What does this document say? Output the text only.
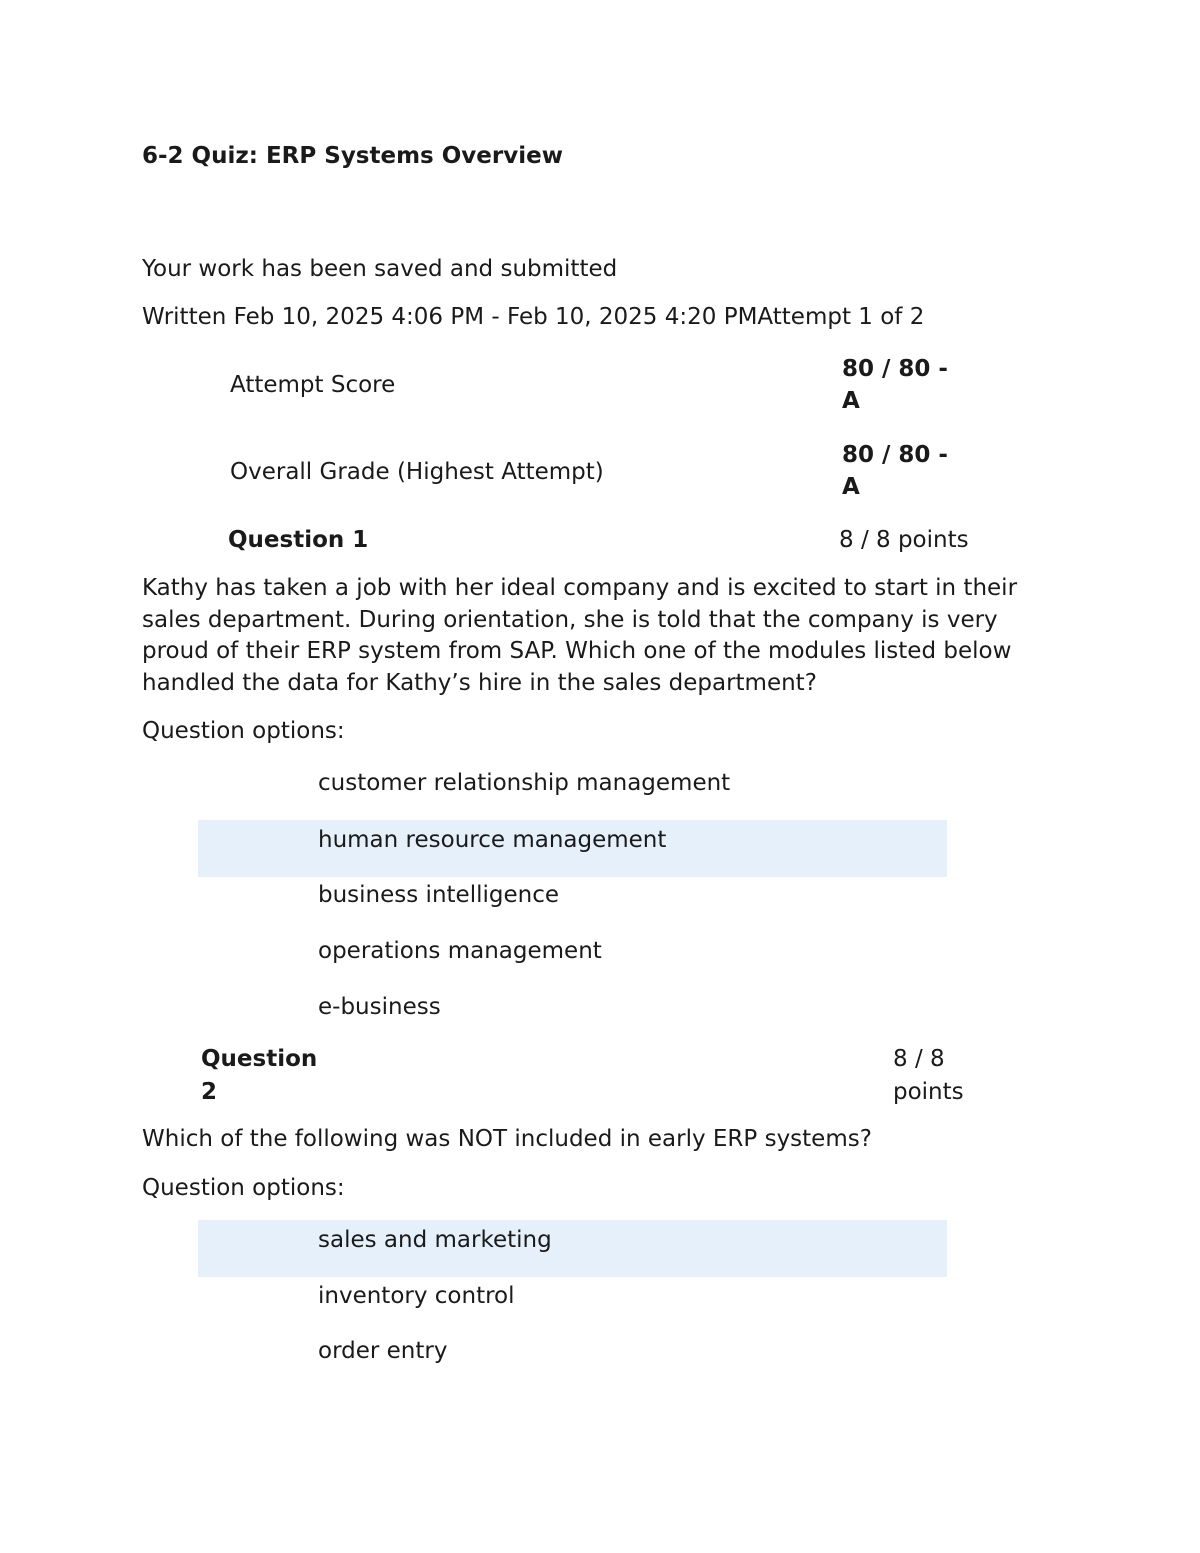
6-2 Quiz: ERP Systems Overview
Your work has been saved and submitted
Written Feb 10, 2025 4:06 PM - Feb 10, 2025 4:20 PMAttempt 1 of 2
Attempt Score
80 / 80 - A
Overall Grade (Highest Attempt)
80 / 80 - A
Question 1	8 / 8 points
Kathy has taken a job with her ideal company and is excited to start in their sales department. During orientation, she is told that the company is very proud of their ERP system from SAP. Which one of the modules listed below handled the data for Kathy’s hire in the sales department?
Question options:
customer relationship management
human resource management
business intelligence
operations management
e-business
Question 2
8 / 8 points
Which of the following was NOT included in early ERP systems?
Question options:
sales and marketing
inventory control
order entry
